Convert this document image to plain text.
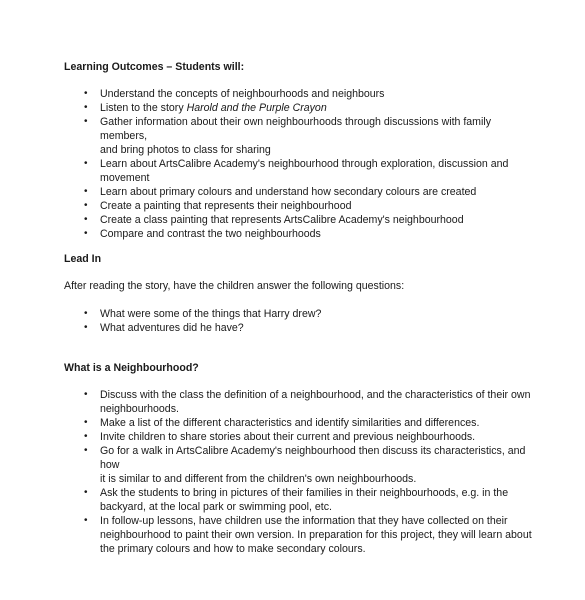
Learning Outcomes – Students will:
•	Understand the concepts of neighbourhoods and neighbours
•	Listen to the story Harold and the Purple Crayon
•	Gather information about their own neighbourhoods through discussions with family members,
and bring photos to class for sharing
•	Learn about ArtsCalibre Academy's neighbourhood through exploration, discussion and
movement
•	Learn about primary colours and understand how secondary colours are created
•	Create a painting that represents their neighbourhood
•	Create a class painting that represents ArtsCalibre Academy's neighbourhood
•	Compare and contrast the two neighbourhoods
Lead In
After reading the story, have the children answer the following questions:
•	What were some of the things that Harry drew?
•	What adventures did he have?
What is a Neighbourhood?
•	Discuss with the class the definition of a neighbourhood, and the characteristics of their own
neighbourhoods.
•	Make a list of the different characteristics and identify similarities and differences.
•	Invite children to share stories about their current and previous neighbourhoods.
•	Go for a walk in ArtsCalibre Academy's neighbourhood then discuss its characteristics, and how
it is similar to and different from the children's own neighbourhoods.
•	Ask the students to bring in pictures of their families in their neighbourhoods, e.g. in the
backyard, at the local park or swimming pool, etc.
•	In follow-up lessons, have children use the information that they have collected on their
neighbourhood to paint their own version. In preparation for this project, they will learn about
the primary colours and how to make secondary colours.
